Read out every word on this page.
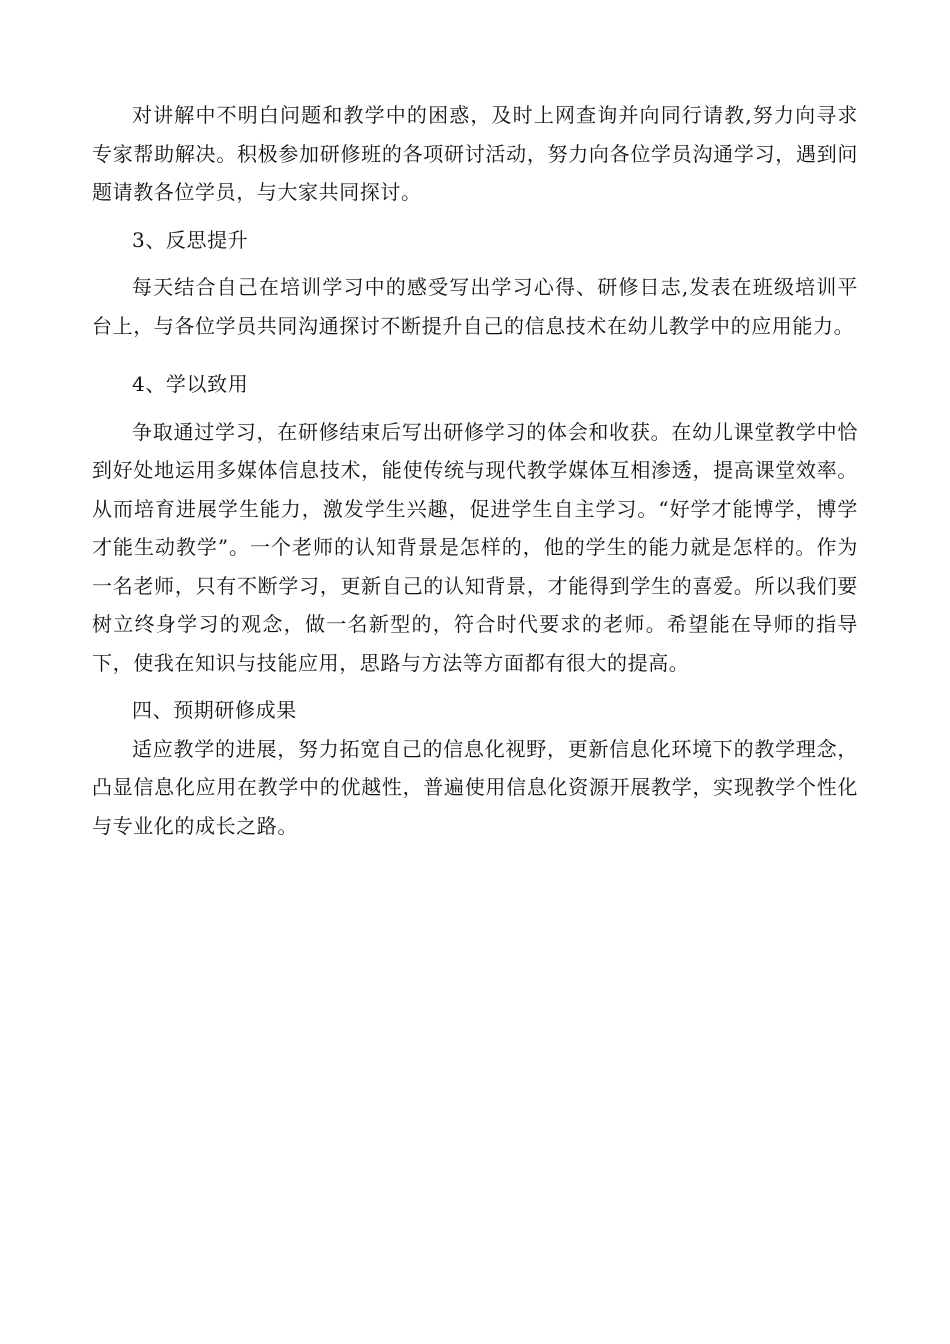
对讲解中不明白问题和教学中的困惑，及时上网查询并向同行请教,努力向寻求专家帮助解决。积极参加研修班的各项研讨活动，努力向各位学员沟通学习，遇到问题请教各位学员，与大家共同探讨。

3、反思提升

每天结合自己在培训学习中的感受写出学习心得、研修日志,发表在班级培训平台上，与各位学员共同沟通探讨不断提升自己的信息技术在幼儿教学中的应用能力。

4、学以致用

争取通过学习，在研修结束后写出研修学习的体会和收获。在幼儿课堂教学中恰到好处地运用多媒体信息技术，能使传统与现代教学媒体互相渗透，提高课堂效率。从而培育进展学生能力，激发学生兴趣，促进学生自主学习。“好学才能博学，博学才能生动教学”。一个老师的认知背景是怎样的，他的学生的能力就是怎样的。作为一名老师，只有不断学习，更新自己的认知背景，才能得到学生的喜爱。所以我们要树立终身学习的观念，做一名新型的，符合时代要求的老师。希望能在导师的指导下，使我在知识与技能应用，思路与方法等方面都有很大的提高。

四、预期研修成果

适应教学的进展，努力拓宽自己的信息化视野，更新信息化环境下的教学理念，凸显信息化应用在教学中的优越性，普遍使用信息化资源开展教学，实现教学个性化与专业化的成长之路。
